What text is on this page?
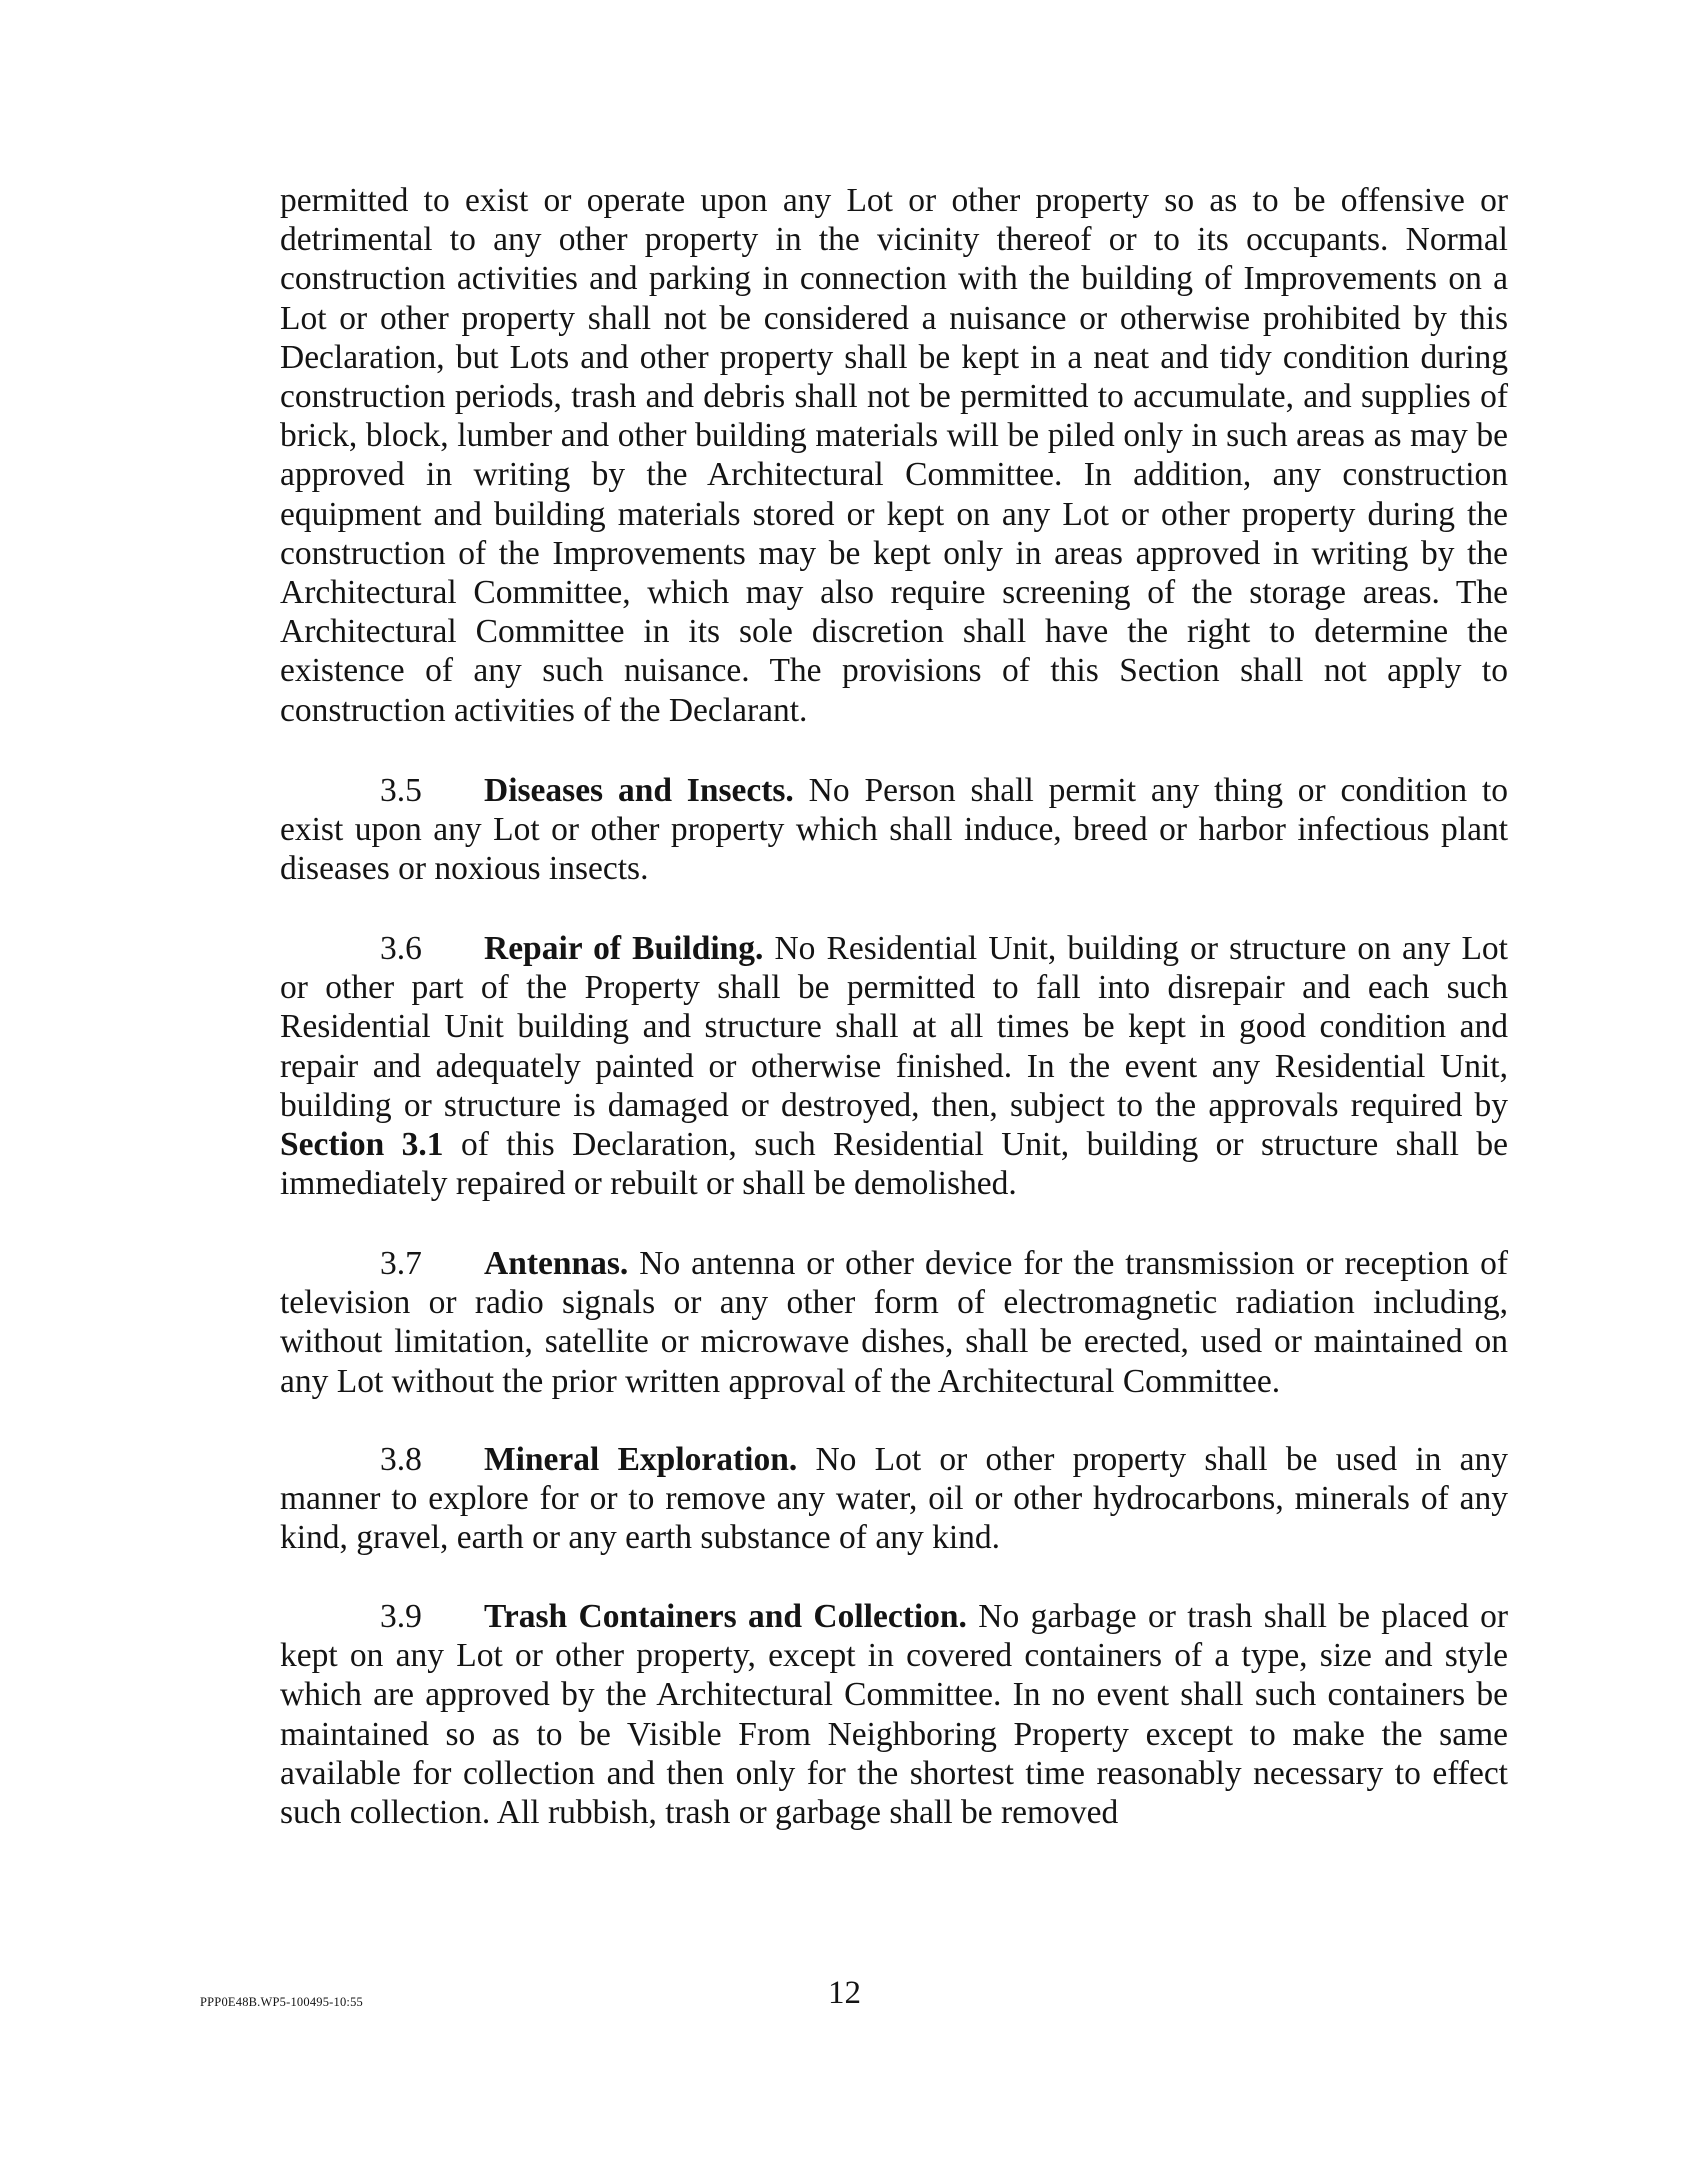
permitted to exist or operate upon any Lot or other property so as to be offensive or detrimental to any other property in the vicinity thereof or to its occupants. Normal construction activities and parking in connection with the building of Improvements on a Lot or other property shall not be considered a nuisance or otherwise prohibited by this Declaration, but Lots and other property shall be kept in a neat and tidy condition during construction periods, trash and debris shall not be permitted to accumulate, and supplies of brick, block, lumber and other building materials will be piled only in such areas as may be approved in writing by the Architectural Committee. In addition, any construction equipment and building materials stored or kept on any Lot or other property during the construction of the Improvements may be kept only in areas approved in writing by the Architectural Committee, which may also require screening of the storage areas. The Architectural Committee in its sole discretion shall have the right to determine the existence of any such nuisance. The provisions of this Section shall not apply to construction activities of the Declarant.

3.5 Diseases and Insects. No Person shall permit any thing or condition to exist upon any Lot or other property which shall induce, breed or harbor infectious plant diseases or noxious insects.

3.6 Repair of Building. No Residential Unit, building or structure on any Lot or other part of the Property shall be permitted to fall into disrepair and each such Residential Unit building and structure shall at all times be kept in good condition and repair and adequately painted or otherwise finished. In the event any Residential Unit, building or structure is damaged or destroyed, then, subject to the approvals required by Section 3.1 of this Declaration, such Residential Unit, building or structure shall be immediately repaired or rebuilt or shall be demolished.

3.7 Antennas. No antenna or other device for the transmission or reception of television or radio signals or any other form of electromagnetic radiation including, without limitation, satellite or microwave dishes, shall be erected, used or maintained on any Lot without the prior written approval of the Architectural Committee.

3.8 Mineral Exploration. No Lot or other property shall be used in any manner to explore for or to remove any water, oil or other hydrocarbons, minerals of any kind, gravel, earth or any earth substance of any kind.

3.9 Trash Containers and Collection. No garbage or trash shall be placed or kept on any Lot or other property, except in covered containers of a type, size and style which are approved by the Architectural Committee. In no event shall such containers be maintained so as to be Visible From Neighboring Property except to make the same available for collection and then only for the shortest time reasonably necessary to effect such collection. All rubbish, trash or garbage shall be removed

PPP0E48B.WP5-100495-10:55	12
